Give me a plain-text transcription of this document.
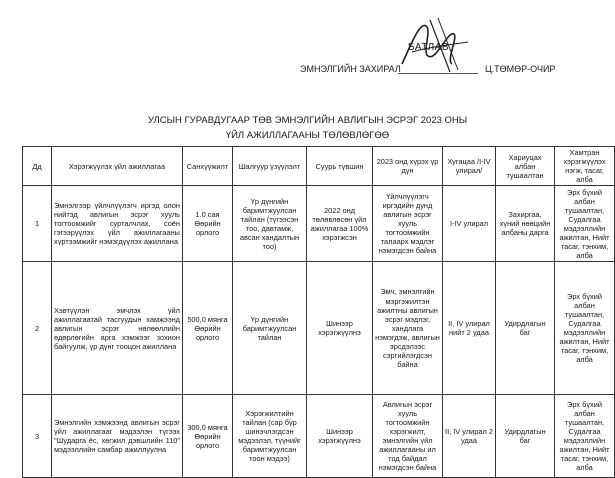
БАТЛАВ
ЭМНЭЛГИЙН ЗАХИРАЛ	Ц.ТӨМӨР-ОЧИР
УЛСЫН ГУРАВДУГААР ТӨВ ЭМНЭЛГИЙН АВЛИГЫН ЭСРЭГ 2023 ОНЫ
ҮЙЛ АЖИЛЛАГААНЫ ТӨЛӨВЛӨГӨӨ
Дд	Хэрэгжүүлэх үйл ажиллагаа	Санхүүжилт	Шалгуур үзүүлэлт	Суурь түвшин	2023 онд хүрэх үр дүн	Хугацаа /I-IV улирал/	Хариуцах албан тушаалтан	Хамтран хэрэгжүүлэх нэгж, тасаг, алба
1	Эмнэлгээр үйлчлүүлэгч иргэд олон нийтэд авлигын эсрэг хууль тогтоомжийг сурталчлах, соён гэгээрүүлэх үйл ажиллагааны хүртээмжийг нэмэгдүүлэх ажиллана	1.0 сая Өөрийн орлого	Үр дүнгийн баримтжуулсан тайлан (түгээсэн тоо, давтамж, авсан хандалтын тоо)	2022 онд төлөвлөсөн үйл ажиллагаа 100% хэрэгжсэн	Үйлчлүүлэгч иргэдийн дунд авлигын эсрэг хууль тогтоомжийн талаарх мэдлэг нэмэгдсэн байна	I-IV улирал	Захиргаа, хүний нөөцийн албаны дарга	Эрх бүхий албан тушаалтан, Судалгаа мэдээллийн ажилтан, Нийт тасаг, тэнхим, алба
2	Хэвтүүлэн эмчлэх үйл ажиллагаатай тасгуудын хамжээнд авлигын эсрэг нөлөөллийн өдөрлөгийн арга хэмжээг зохион байгуулж, үр дүнг тооцон ажиллана	500,0 мянга Өөрийн орлого	Үр дүнгийн баримтжуулсан тайлан	Шинээр хэрэгжүүлнэ	Эмч, эмнэлгийн мэргэжилтэн ажилтны авлигын эсрэг мэдлэг, хандлага нэмэгдэж, авлигын эрсдэлээс сэргийлэгдсэн байна	II, IV улирал нийт 2 удаа	Удирдлагын баг	Эрх бүхий албан тушаалтан, Судалгаа мэдээллийн ажилтан, Нийт тасаг, тэнхим, алба
3	Эмнэлгийн хэмжээнд авлигын эсрэг үйл ажиллагааг мэдээлэн түгээх "Шударга ёс, хөгжил дэвшлийн 110" мэдээллийн самбар ажиллуулна	300,0 мянга Өөрийн орлого	Хэрэгжилтийн тайлан (сар бүр шинэчлэгдсэн мэдээлэл, түүнийг баримтжуулсан тоон мэдээ)	Шинээр хэрэгжүүлнэ	Авлигын эсрэг хууль тогтоомжийн хэрэгжилт, эмнэлгийн үйл ажиллагааны ил тод байдал нэмэгдсэн байна	II, IV улирал 2 удаа	Удирдлагын баг	Эрх бүхий албан тушаалтан, Судалгаа мэдээллийн ажилтан, Нийт тасаг, тэнхим, алба
